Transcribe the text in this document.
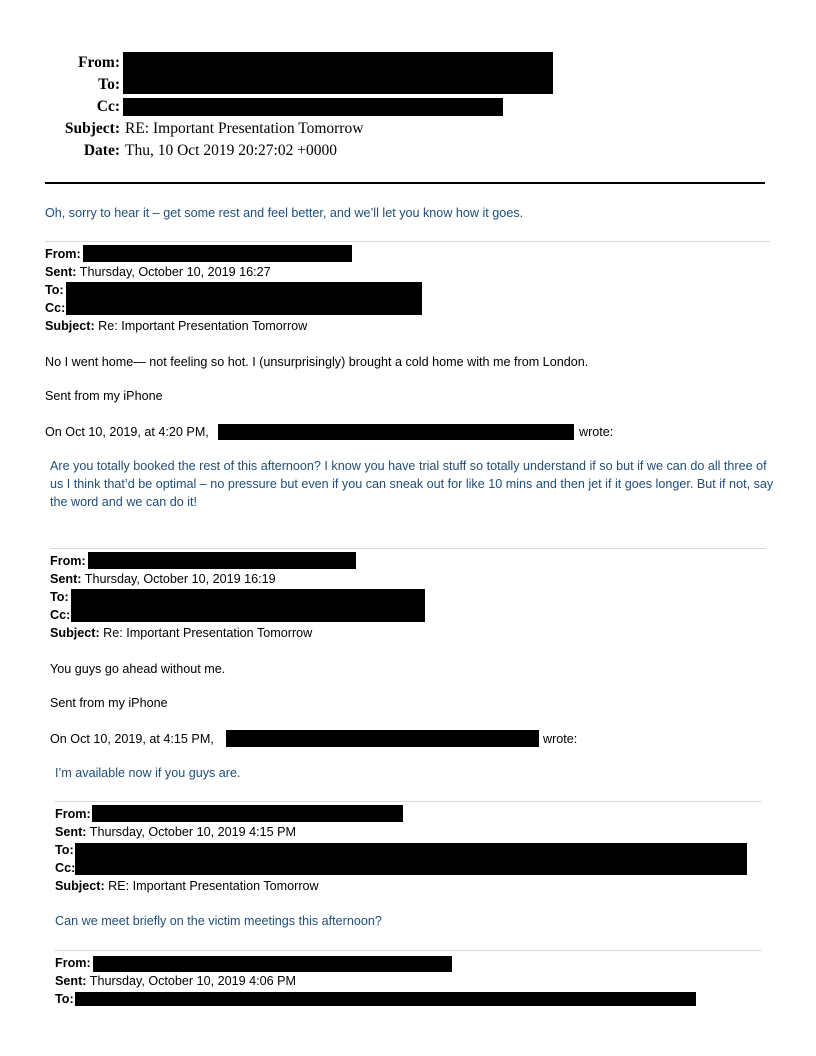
From:
To:
Cc:
Subject: RE: Important Presentation Tomorrow
Date: Thu, 10 Oct 2019 20:27:02 +0000
Oh, sorry to hear it – get some rest and feel better, and we’ll let you know how it goes.
From:
Sent: Thursday, October 10, 2019 16:27
To:
Cc:
Subject: Re: Important Presentation Tomorrow
No I went home— not feeling so hot. I (unsurprisingly) brought a cold home with me from London.
Sent from my iPhone
On Oct 10, 2019, at 4:20 PM,	wrote:
Are you totally booked the rest of this afternoon? I know you have trial stuff so totally understand if so but if we can do all three of us I think that’d be optimal – no pressure but even if you can sneak out for like 10 mins and then jet if it goes longer. But if not, say the word and we can do it!
From:
Sent: Thursday, October 10, 2019 16:19
To:
Cc:
Subject: Re: Important Presentation Tomorrow
You guys go ahead without me.
Sent from my iPhone
On Oct 10, 2019, at 4:15 PM,	wrote:
I’m available now if you guys are.
From:
Sent: Thursday, October 10, 2019 4:15 PM
To:
Cc:
Subject: RE: Important Presentation Tomorrow
Can we meet briefly on the victim meetings this afternoon?
From:
Sent: Thursday, October 10, 2019 4:06 PM
To:
